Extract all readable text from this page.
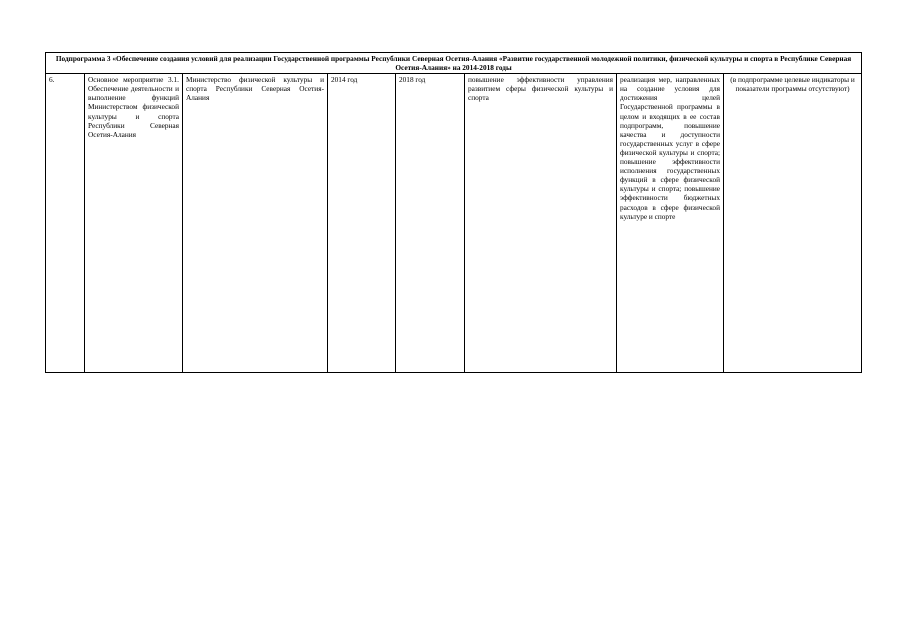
Подпрограмма 3 «Обеспечение создания условий для реализации Государственной программы Республики Северная Осетия-Алания «Развитие государственной молодежной политики, физической культуры и спорта в Республике Северная Осетия-Алания» на 2014-2018 годы
6.	Основное мероприятие 3.1. Обеспечение деятельности и выполнение функций Министерством физической культуры и спорта Республики Северная Осетия-Алания	Министерство физической культуры и спорта Республики Северная Осетия-Алания	2014 год	2018 год	повышение эффективности управления развитием сферы физической культуры и спорта	реализация мер, направленных на создание условия для достижения целей Государственной программы в целом и входящих в ее состав подпрограмм, повышение качества и доступности государственных услуг в сфере физической культуры и спорта; повышение эффективности исполнения государственных функций в сфере физической культуры и спорта; повышение эффективности бюджетных расходов в сфере физической культуре и спорте	(в подпрограмме целевые индикаторы и показатели программы отсутствуют)
